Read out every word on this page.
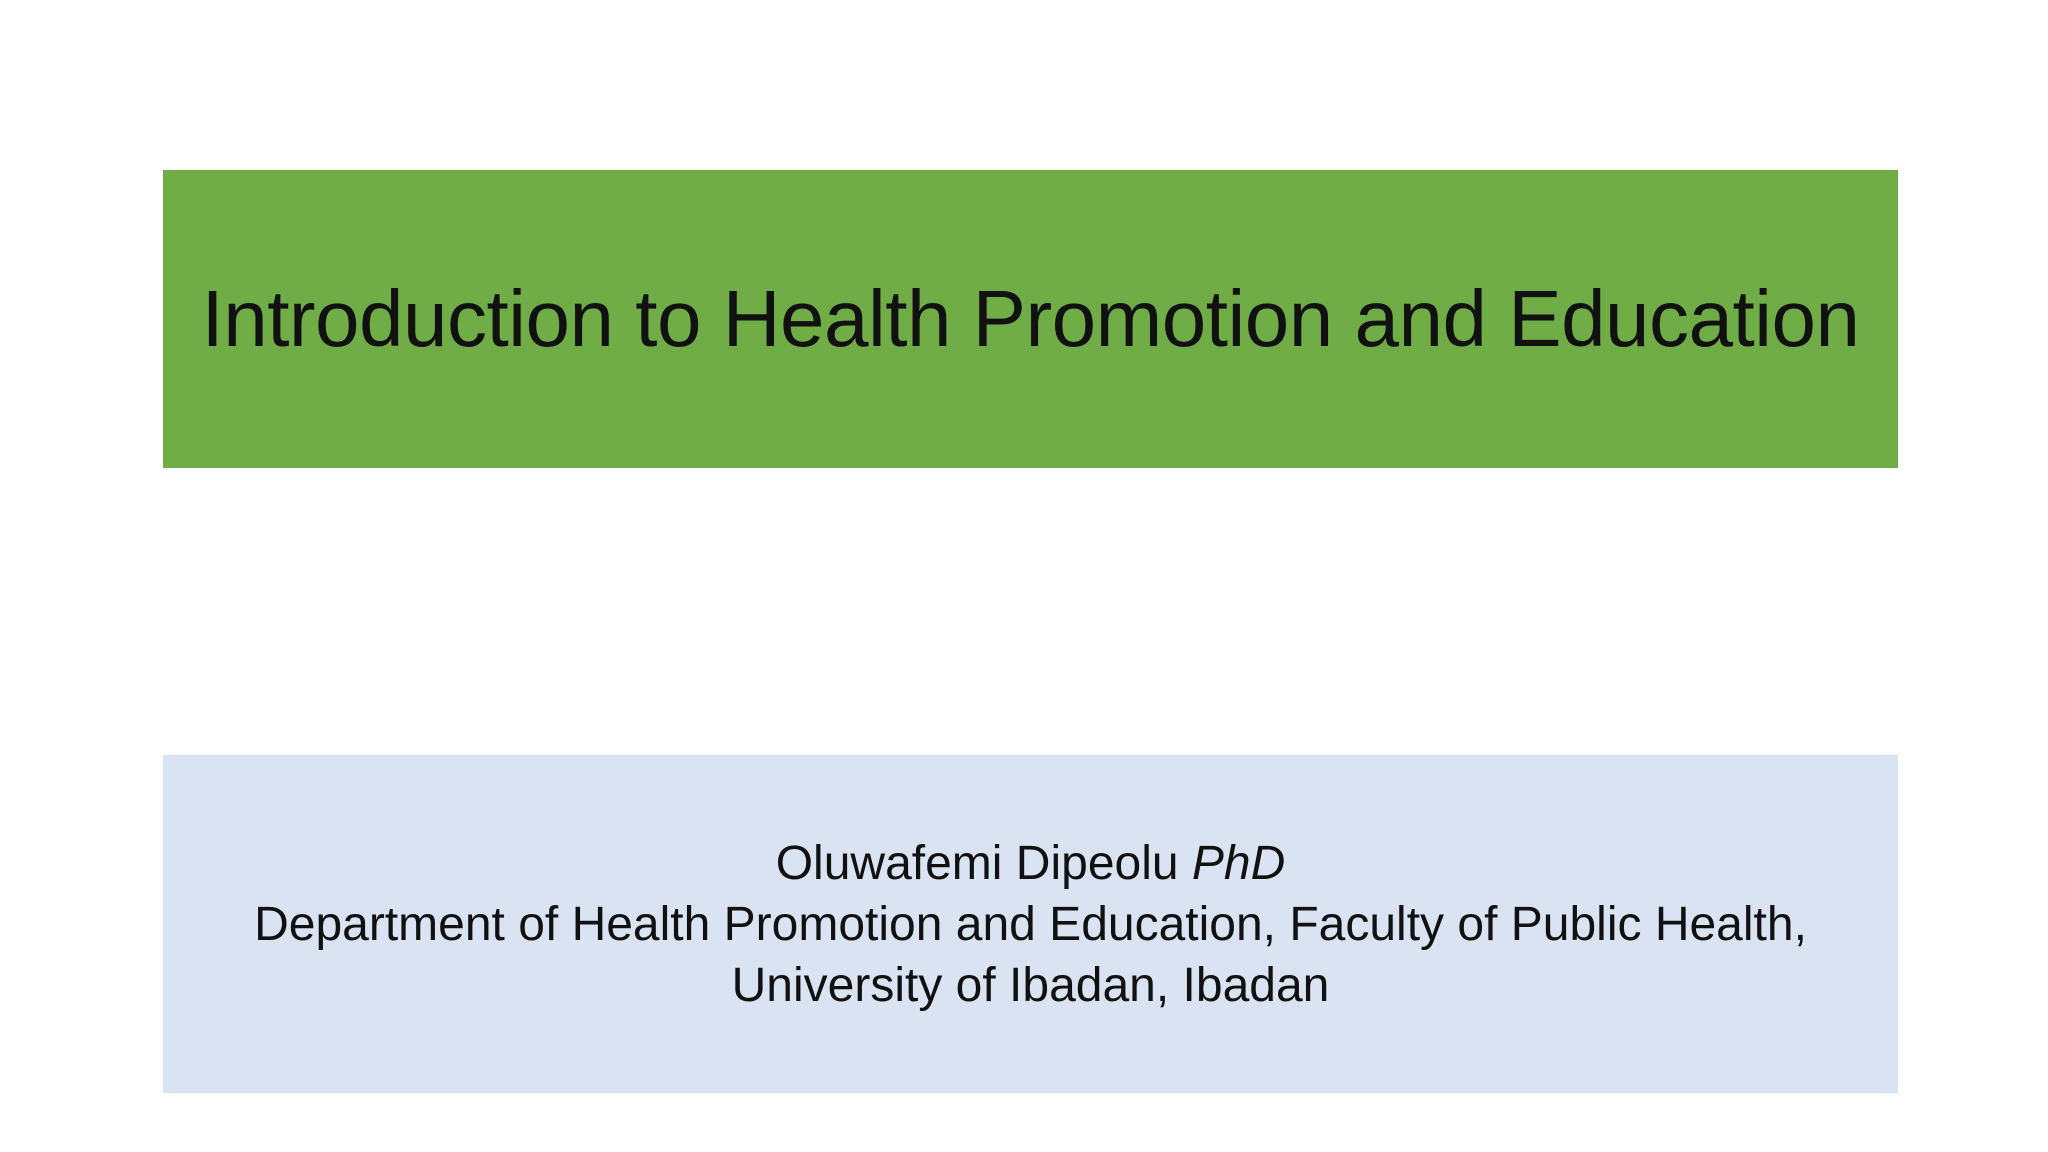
Introduction to Health Promotion and Education
Oluwafemi Dipeolu PhD
Department of Health Promotion and Education, Faculty of Public Health,
University of Ibadan, Ibadan
